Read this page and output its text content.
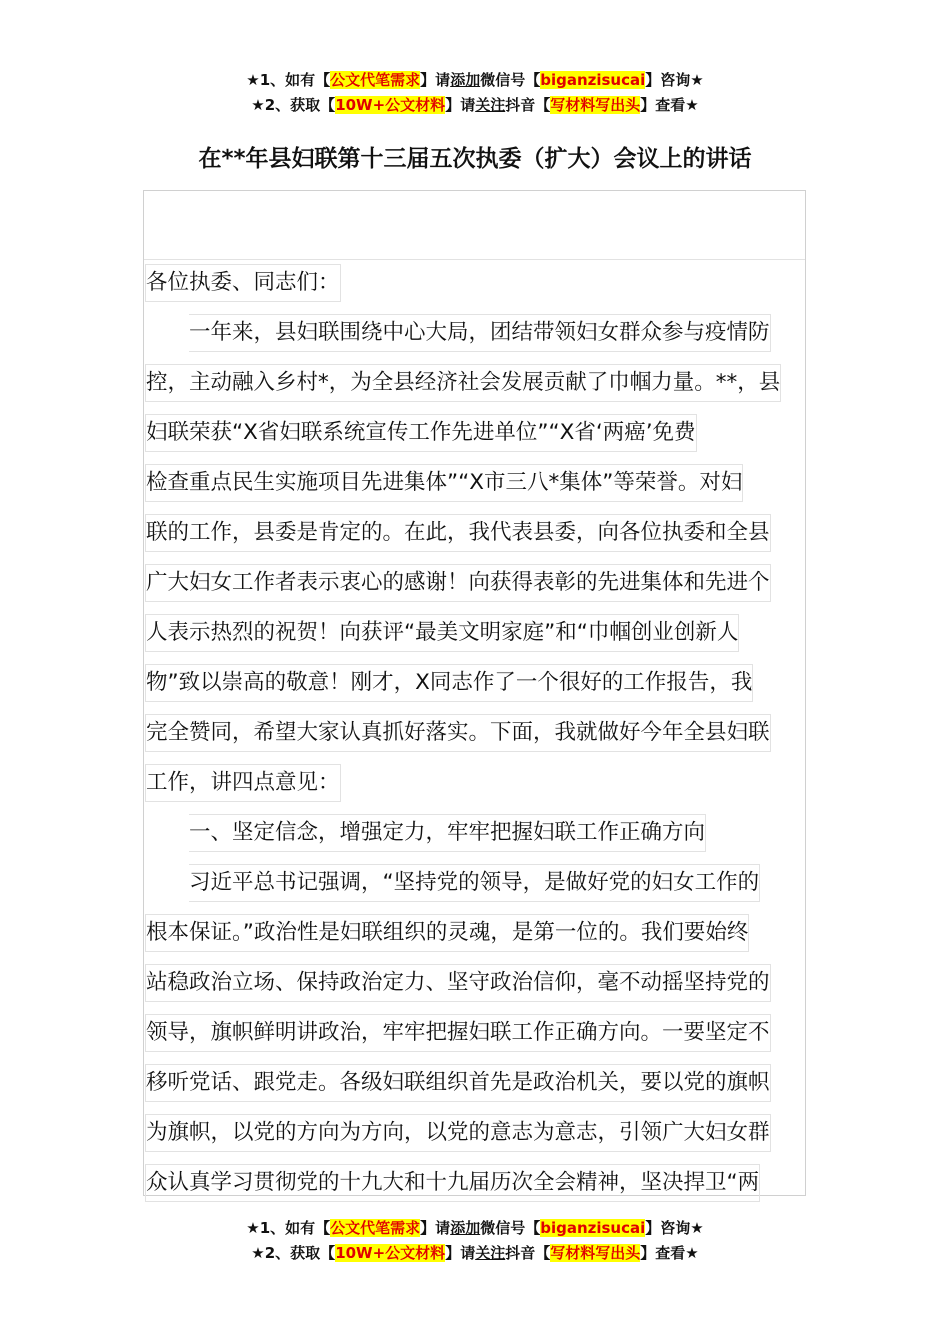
★1、如有【公文代笔需求】请添加微信号【biganzisucai】咨询★
★2、获取【10W+公文材料】请关注抖音【写材料写出头】查看★
在**年县妇联第十三届五次执委（扩大）会议上的讲话
各位执委、同志们：
一年来，县妇联围绕中心大局，团结带领妇女群众参与疫情防
控，主动融入乡村*，为全县经济社会发展贡献了巾帼力量。**，县
妇联荣获“X省妇联系统宣传工作先进单位”“X省‘两癌’免费
检查重点民生实施项目先进集体”“X市三八*集体”等荣誉。对妇
联的工作，县委是肯定的。在此，我代表县委，向各位执委和全县
广大妇女工作者表示衷心的感谢！向获得表彰的先进集体和先进个
人表示热烈的祝贺！向获评“最美文明家庭”和“巾帼创业创新人
物”致以崇高的敬意！刚才，X同志作了一个很好的工作报告，我
完全赞同，希望大家认真抓好落实。下面，我就做好今年全县妇联
工作，讲四点意见：
一、坚定信念，增强定力，牢牢把握妇联工作正确方向
习近平总书记强调，“坚持党的领导，是做好党的妇女工作的
根本保证。”政治性是妇联组织的灵魂，是第一位的。我们要始终
站稳政治立场、保持政治定力、坚守政治信仰，毫不动摇坚持党的
领导，旗帜鲜明讲政治，牢牢把握妇联工作正确方向。一要坚定不
移听党话、跟党走。各级妇联组织首先是政治机关，要以党的旗帜
为旗帜，以党的方向为方向，以党的意志为意志，引领广大妇女群
众认真学习贯彻党的十九大和十九届历次全会精神，坚决捍卫“两
★1、如有【公文代笔需求】请添加微信号【biganzisucai】咨询★
★2、获取【10W+公文材料】请关注抖音【写材料写出头】查看★
